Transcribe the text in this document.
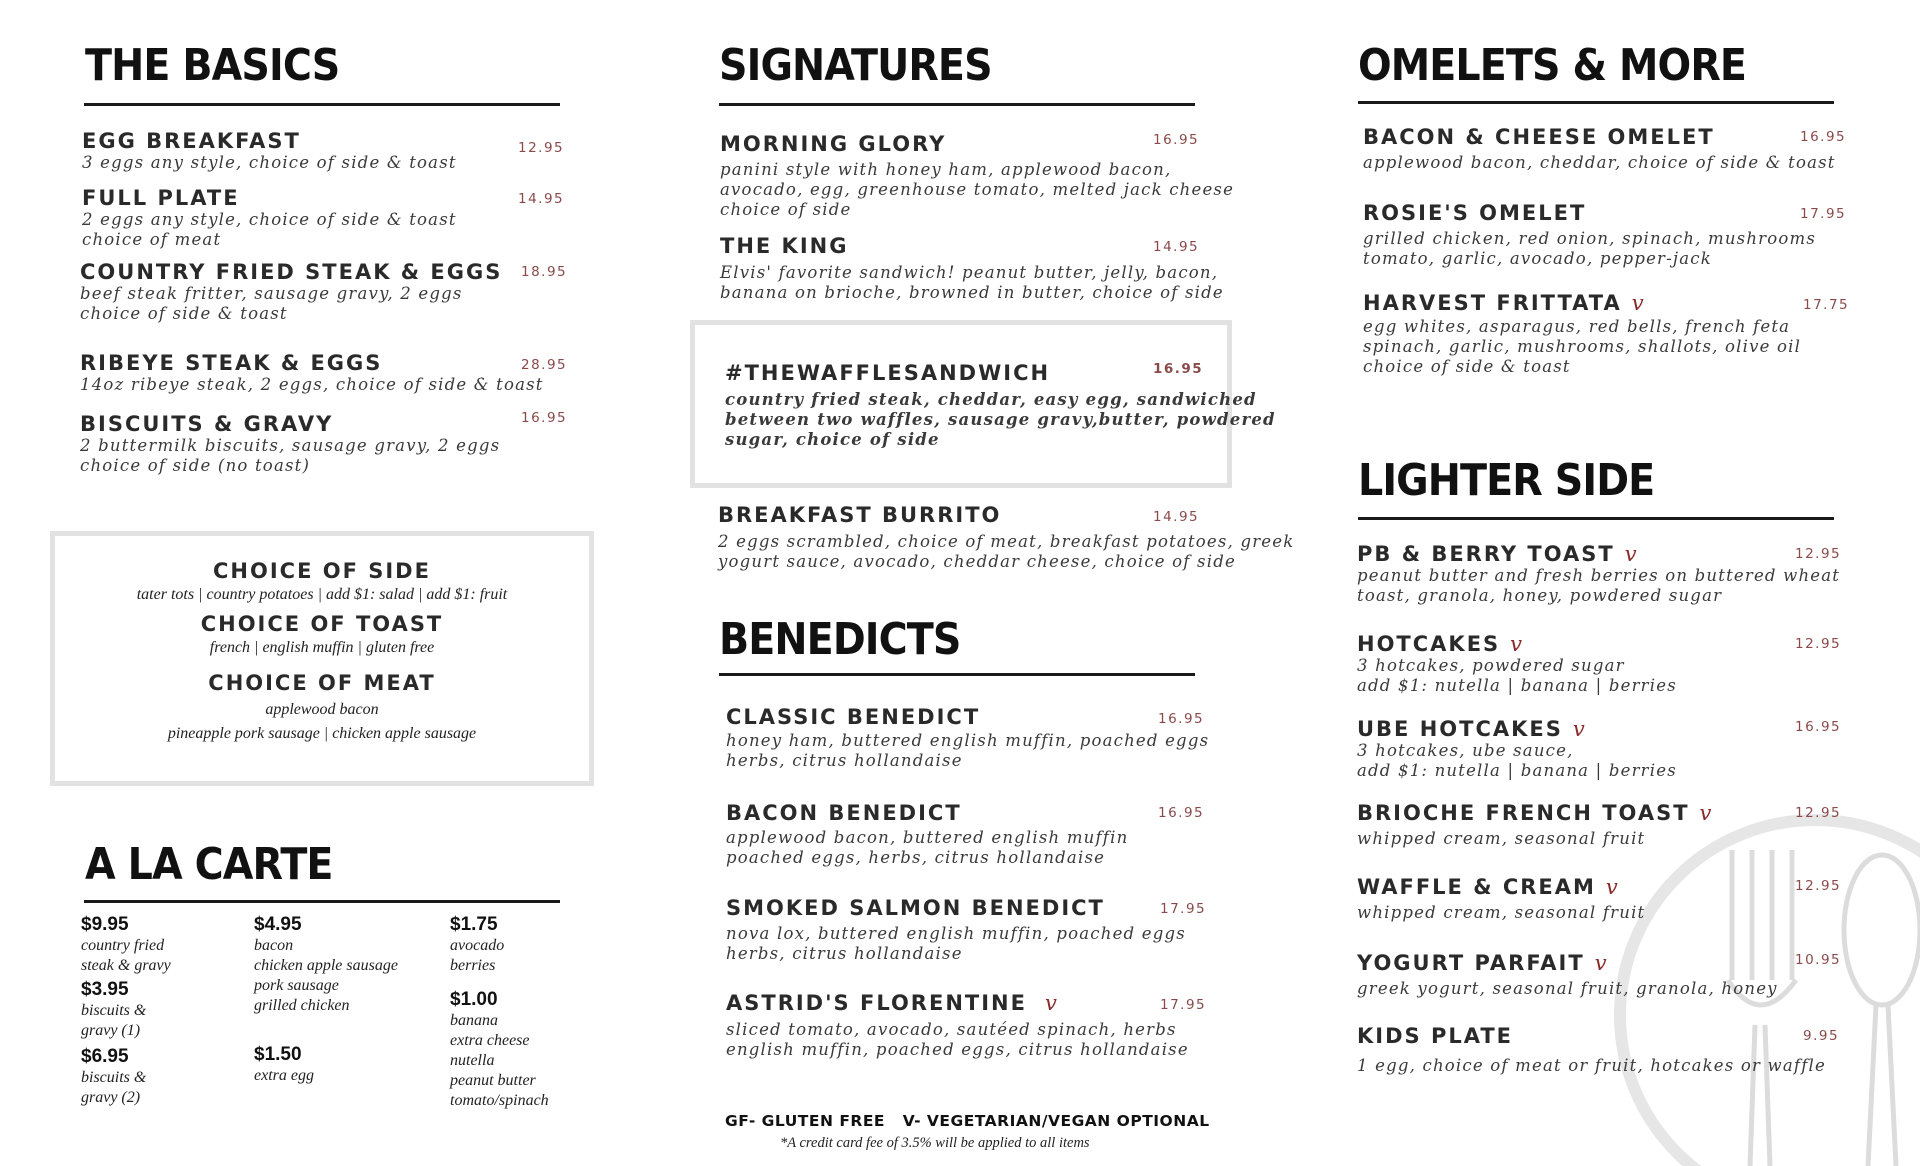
THE BASICS
EGG BREAKFAST
3 eggs any style, choice of side & toast
12.95
FULL PLATE
2 eggs any style, choice of side & toast
choice of meat
14.95
COUNTRY FRIED STEAK & EGGS
beef steak fritter, sausage gravy, 2 eggs
choice of side & toast
18.95
RIBEYE STEAK & EGGS
14oz ribeye steak, 2 eggs, choice of side & toast
28.95
BISCUITS & GRAVY
2 buttermilk biscuits, sausage gravy, 2 eggs
choice of side (no toast)
16.95
CHOICE OF SIDE
tater tots | country potatoes | add $1: salad | add $1: fruit
CHOICE OF TOAST
french | english muffin | gluten free
CHOICE OF MEAT
applewood bacon
pineapple pork sausage | chicken apple sausage
A LA CARTE
$9.95
country fried
steak & gravy
$3.95
biscuits &
gravy (1)
$6.95
biscuits &
gravy (2)
$4.95
bacon
chicken apple sausage
pork sausage
grilled chicken
$1.50
extra egg
$1.75
avocado
berries
$1.00
banana
extra cheese
nutella
peanut butter
tomato/spinach
SIGNATURES
MORNING GLORY
panini style with honey ham, applewood bacon,
avocado, egg, greenhouse tomato, melted jack cheese
choice of side
16.95
THE KING
Elvis' favorite sandwich! peanut butter, jelly, bacon,
banana on brioche, browned in butter, choice of side
14.95
#THEWAFFLESANDWICH
country fried steak, cheddar, easy egg, sandwiched
between two waffles, sausage gravy,butter, powdered
sugar, choice of side
16.95
BREAKFAST BURRITO
2 eggs scrambled, choice of meat, breakfast potatoes, greek
yogurt sauce, avocado, cheddar cheese, choice of side
14.95
BENEDICTS
CLASSIC BENEDICT
honey ham, buttered english muffin, poached eggs
herbs, citrus hollandaise
16.95
BACON BENEDICT
applewood bacon, buttered english muffin
poached eggs, herbs, citrus hollandaise
16.95
SMOKED SALMON BENEDICT
nova lox, buttered english muffin, poached eggs
herbs, citrus hollandaise
17.95
ASTRID'S FLORENTINE v
sliced tomato, avocado, sautéed spinach, herbs
english muffin, poached eggs, citrus hollandaise
17.95
GF- GLUTEN FREE   V- VEGETARIAN/VEGAN OPTIONAL
*A credit card fee of 3.5% will be applied to all items
OMELETS & MORE
BACON & CHEESE OMELET
applewood bacon, cheddar, choice of side & toast
16.95
ROSIE'S OMELET
grilled chicken, red onion, spinach, mushrooms
tomato, garlic, avocado, pepper-jack
17.95
HARVEST FRITTATA v
egg whites, asparagus, red bells, french feta
spinach, garlic, mushrooms, shallots, olive oil
choice of side & toast
17.75
LIGHTER SIDE
PB & BERRY TOAST v
peanut butter and fresh berries on buttered wheat
toast, granola, honey, powdered sugar
12.95
HOTCAKES v
3 hotcakes, powdered sugar
add $1: nutella | banana | berries
12.95
UBE HOTCAKES v
3 hotcakes, ube sauce,
add $1: nutella | banana | berries
16.95
BRIOCHE FRENCH TOAST v
whipped cream, seasonal fruit
12.95
WAFFLE & CREAM v
whipped cream, seasonal fruit
12.95
YOGURT PARFAIT v
greek yogurt, seasonal fruit, granola, honey
10.95
KIDS PLATE
1 egg, choice of meat or fruit, hotcakes or waffle
9.95
